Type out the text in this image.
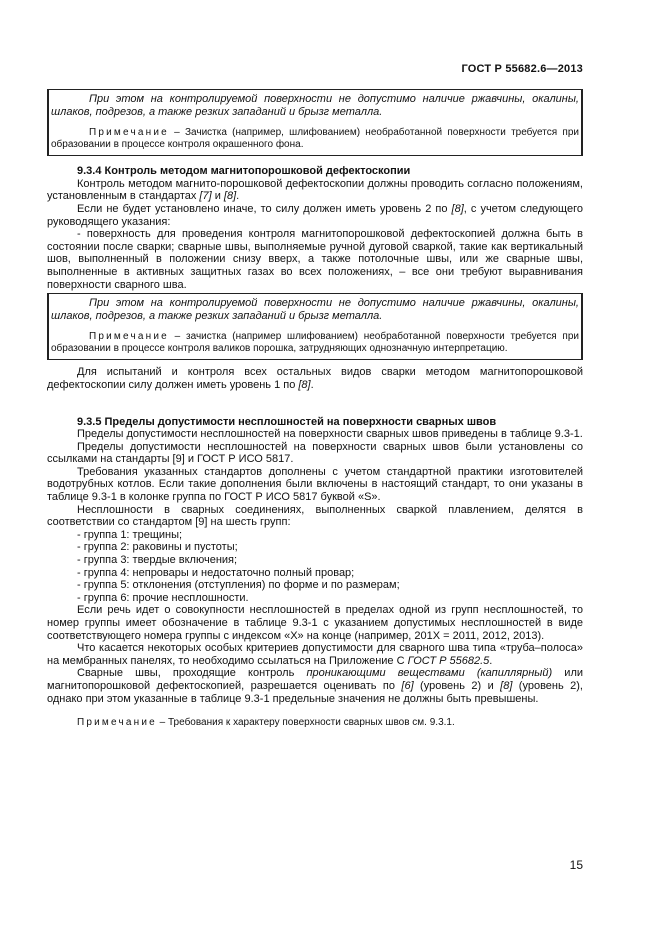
ГОСТ Р 55682.6—2013

При этом на контролируемой поверхности не допустимо наличие ржавчины, окалины, шлаков, подрезов, а также резких западаний и брызг металла.

Примечание – Зачистка (например, шлифованием) необработанной поверхности требуется при образовании в процессе контроля окрашенного фона.

9.3.4 Контроль методом магнитопорошковой дефектоскопии

Контроль методом магнито-порошковой дефектоскопии должны проводить согласно положениям, установленным в стандартах [7] и [8].

Если не будет установлено иначе, то силу должен иметь уровень 2 по [8], с учетом следующего руководящего указания:

- поверхность для проведения контроля магнитопорошковой дефектоскопией должна быть в состоянии после сварки; сварные швы, выполняемые ручной дуговой сваркой, такие как вертикальный шов, выполненный в положении снизу вверх, а также потолочные швы, или же сварные швы, выполненные в активных защитных газах во всех положениях, – все они требуют выравнивания поверхности сварного шва.

При этом на контролируемой поверхности не допустимо наличие ржавчины, окалины, шлаков, подрезов, а также резких западаний и брызг металла.

Примечание – зачистка (например шлифованием) необработанной поверхности требуется при образовании в процессе контроля валиков порошка, затрудняющих однозначную интерпретацию.

Для испытаний и контроля всех остальных видов сварки методом магнитопорошковой дефектоскопии силу должен иметь уровень 1 по [8].

9.3.5 Пределы допустимости несплошностей на поверхности сварных швов

Пределы допустимости несплошностей на поверхности сварных швов приведены в таблице 9.3-1.

Пределы допустимости несплошностей на поверхности сварных швов были установлены со ссылками на стандарты [9] и ГОСТ Р ИСО 5817.

Требования указанных стандартов дополнены с учетом стандартной практики изготовителей водотрубных котлов. Если такие дополнения были включены в настоящий стандарт, то они указаны в таблице 9.3-1 в колонке группа по ГОСТ Р ИСО 5817 буквой «S».

Несплошности в сварных соединениях, выполненных сваркой плавлением, делятся в соответствии со стандартом [9] на шесть групп:

- группа 1: трещины;

- группа 2: раковины и пустоты;

- группа 3: твердые включения;

- группа 4: непровары и недостаточно полный провар;

- группа 5: отклонения (отступления) по форме и по размерам;

- группа 6: прочие несплошности.

Если речь идет о совокупности несплошностей в пределах одной из групп несплошностей, то номер группы имеет обозначение в таблице 9.3-1 с указанием допустимых несплошностей в виде соответствующего номера группы с индексом «X» на конце (например, 201X = 2011, 2012, 2013).

Что касается некоторых особых критериев допустимости для сварного шва типа «труба–полоса» на мембранных панелях, то необходимо ссылаться на Приложение С ГОСТ Р 55682.5.

Сварные швы, проходящие контроль проникающими веществами (капиллярный) или магнитопорошковой дефектоскопией, разрешается оценивать по [6] (уровень 2) и [8] (уровень 2), однако при этом указанные в таблице 9.3-1 предельные значения не должны быть превышены.

Примечание – Требования к характеру поверхности сварных швов см. 9.3.1.

15
